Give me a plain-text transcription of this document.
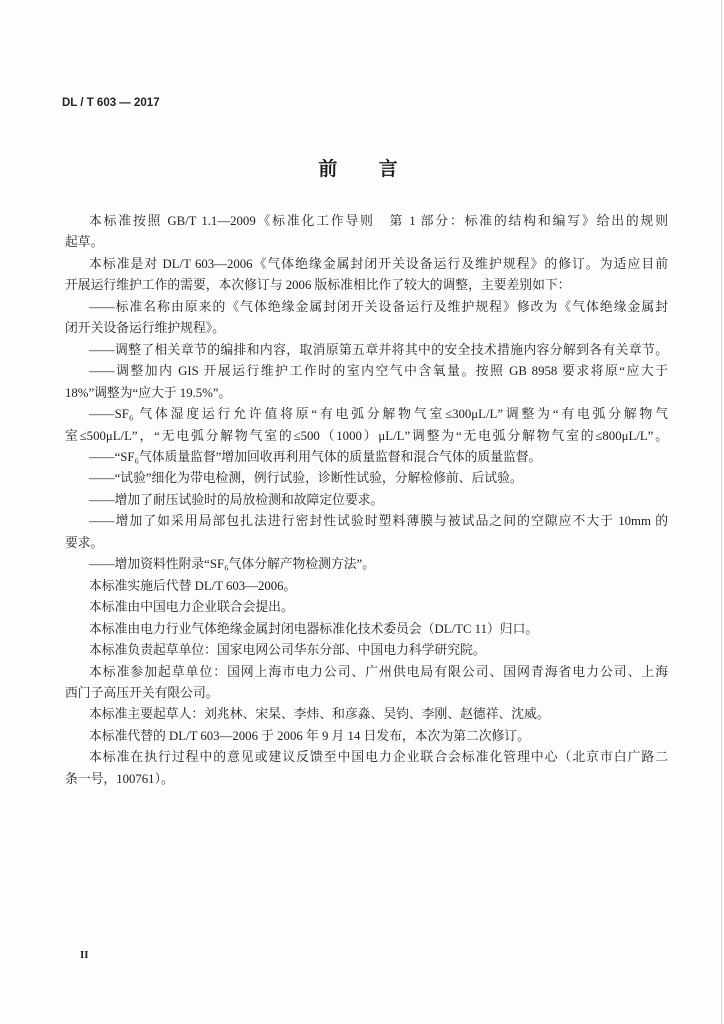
DL / T 603 — 2017
前 言
本标准按照 GB/T 1.1—2009《标准化工作导则　第 1 部分：标准的结构和编写》给出的规则
起草。
本标准是对 DL/T 603—2006《气体绝缘金属封闭开关设备运行及维护规程》的修订。为适应目前
开展运行维护工作的需要，本次修订与 2006 版标准相比作了较大的调整，主要差别如下：
——标准名称由原来的《气体绝缘金属封闭开关设备运行及维护规程》修改为《气体绝缘金属封
闭开关设备运行维护规程》。
——调整了相关章节的编排和内容，取消原第五章并将其中的安全技术措施内容分解到各有关章节。
——调整加内 GIS 开展运行维护工作时的室内空气中含氧量。按照 GB 8958 要求将原“应大于
18%”调整为“应大于 19.5%”。
——SF₆ 气体湿度运行允许值将原“有电弧分解物气室≤300μL/L”调整为“有电弧分解物气
室≤500μL/L”，“无电弧分解物气室的≤500（1000）μL/L”调整为“无电弧分解物气室的≤800μL/L”。
——“SF₆气体质量监督”增加回收再利用气体的质量监督和混合气体的质量监督。
——“试验”细化为带电检测，例行试验，诊断性试验，分解检修前、后试验。
——增加了耐压试验时的局放检测和故障定位要求。
——增加了如采用局部包扎法进行密封性试验时塑料薄膜与被试品之间的空隙应不大于 10mm 的
要求。
——增加资料性附录“SF₆气体分解产物检测方法”。
本标准实施后代替 DL/T 603—2006。
本标准由中国电力企业联合会提出。
本标准由电力行业气体绝缘金属封闭电器标准化技术委员会（DL/TC 11）归口。
本标准负责起草单位：国家电网公司华东分部、中国电力科学研究院。
本标准参加起草单位：国网上海市电力公司、广州供电局有限公司、国网青海省电力公司、上海
西门子高压开关有限公司。
本标准主要起草人：刘兆林、宋杲、李炜、和彦淼、吴钧、李刚、赵德祥、沈威。
本标准代替的 DL/T 603—2006 于 2006 年 9 月 14 日发布，本次为第二次修订。
本标准在执行过程中的意见或建议反馈至中国电力企业联合会标准化管理中心（北京市白广路二
条一号，100761）。
II
